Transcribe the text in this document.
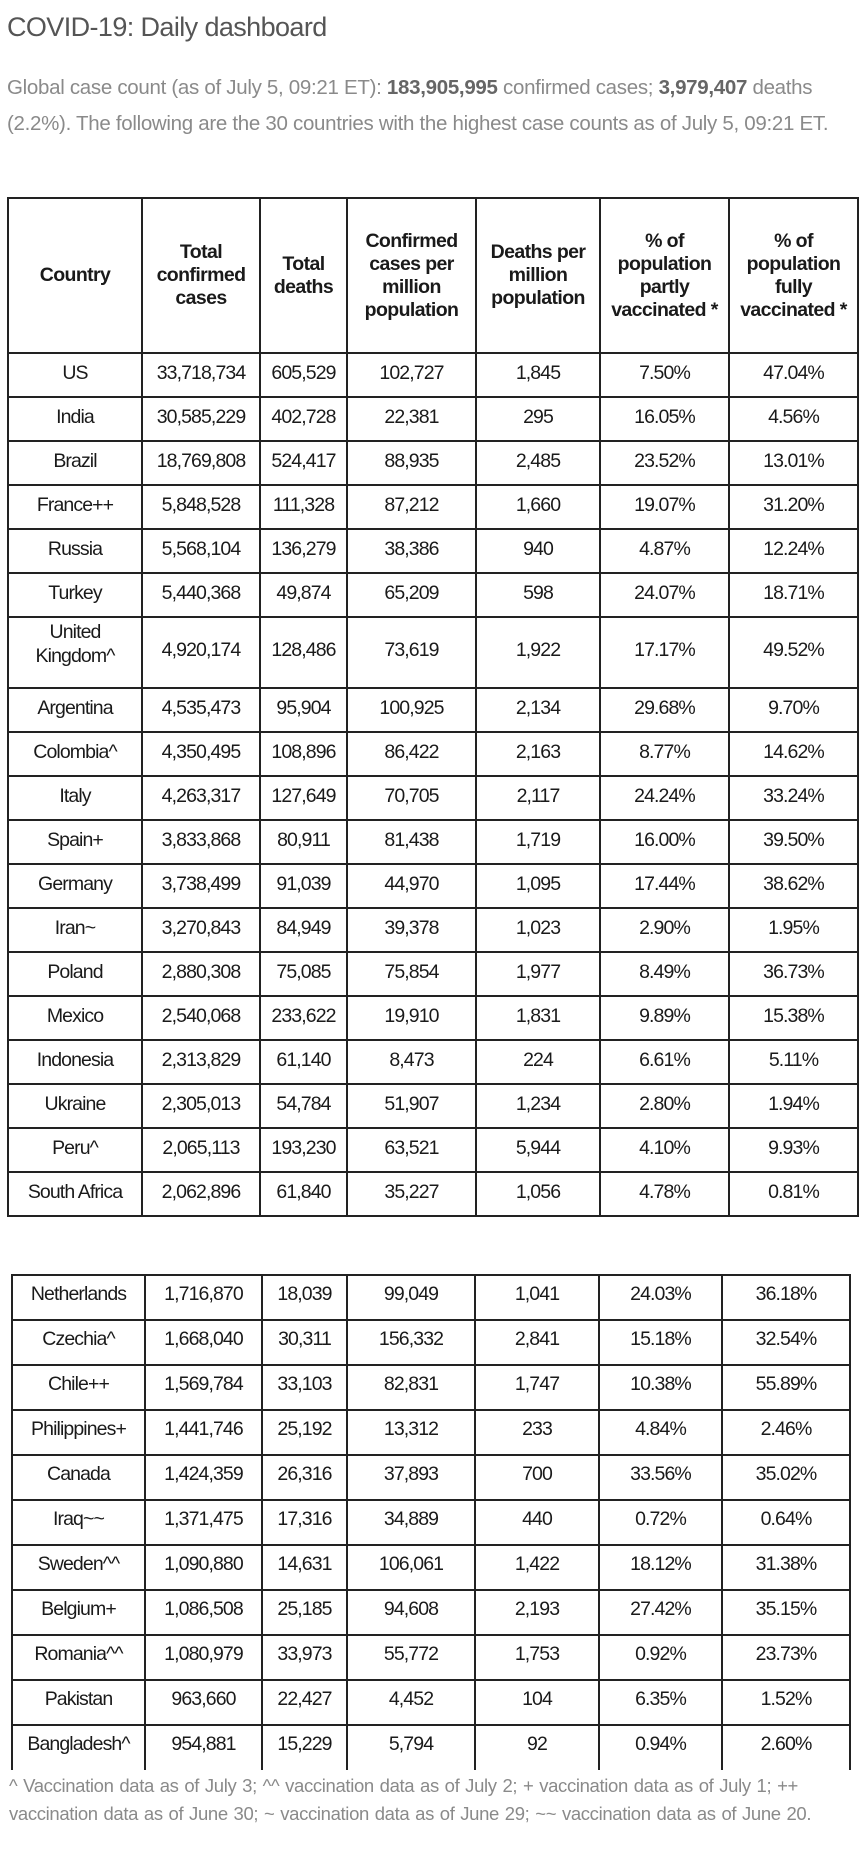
COVID-19: Daily dashboard
Global case count (as of July 5, 09:21 ET): 183,905,995 confirmed cases; 3,979,407 deaths (2.2%). The following are the 30 countries with the highest case counts as of July 5, 09:21 ET.
Country	Total confirmed cases	Total deaths	Confirmed cases per million population	Deaths per million population	% of population partly vaccinated *	% of population fully vaccinated *
US	33,718,734	605,529	102,727	1,845	7.50%	47.04%
India	30,585,229	402,728	22,381	295	16.05%	4.56%
Brazil	18,769,808	524,417	88,935	2,485	23.52%	13.01%
France++	5,848,528	111,328	87,212	1,660	19.07%	31.20%
Russia	5,568,104	136,279	38,386	940	4.87%	12.24%
Turkey	5,440,368	49,874	65,209	598	24.07%	18.71%
United Kingdom^	4,920,174	128,486	73,619	1,922	17.17%	49.52%
Argentina	4,535,473	95,904	100,925	2,134	29.68%	9.70%
Colombia^	4,350,495	108,896	86,422	2,163	8.77%	14.62%
Italy	4,263,317	127,649	70,705	2,117	24.24%	33.24%
Spain+	3,833,868	80,911	81,438	1,719	16.00%	39.50%
Germany	3,738,499	91,039	44,970	1,095	17.44%	38.62%
Iran~	3,270,843	84,949	39,378	1,023	2.90%	1.95%
Poland	2,880,308	75,085	75,854	1,977	8.49%	36.73%
Mexico	2,540,068	233,622	19,910	1,831	9.89%	15.38%
Indonesia	2,313,829	61,140	8,473	224	6.61%	5.11%
Ukraine	2,305,013	54,784	51,907	1,234	2.80%	1.94%
Peru^	2,065,113	193,230	63,521	5,944	4.10%	9.93%
South Africa	2,062,896	61,840	35,227	1,056	4.78%	0.81%
Netherlands	1,716,870	18,039	99,049	1,041	24.03%	36.18%
Czechia^	1,668,040	30,311	156,332	2,841	15.18%	32.54%
Chile++	1,569,784	33,103	82,831	1,747	10.38%	55.89%
Philippines+	1,441,746	25,192	13,312	233	4.84%	2.46%
Canada	1,424,359	26,316	37,893	700	33.56%	35.02%
Iraq~~	1,371,475	17,316	34,889	440	0.72%	0.64%
Sweden^^	1,090,880	14,631	106,061	1,422	18.12%	31.38%
Belgium+	1,086,508	25,185	94,608	2,193	27.42%	35.15%
Romania^^	1,080,979	33,973	55,772	1,753	0.92%	23.73%
Pakistan	963,660	22,427	4,452	104	6.35%	1.52%
Bangladesh^	954,881	15,229	5,794	92	0.94%	2.60%
^ Vaccination data as of July 3; ^^ vaccination data as of July 2; + vaccination data as of July 1; ++ vaccination data as of June 30; ~ vaccination data as of June 29; ~~ vaccination data as of June 20.
